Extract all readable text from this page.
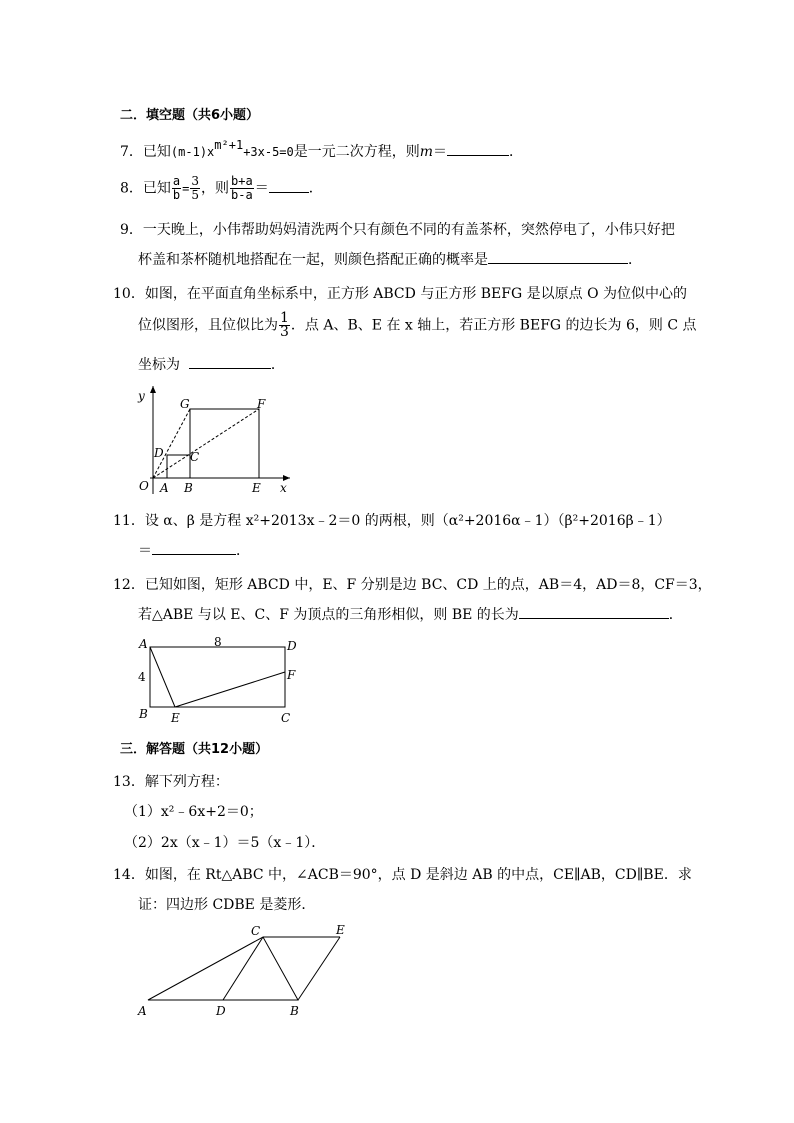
二．填空题（共6小题）
7．已知(m-1)xm²+1+3x-5=0是一元二次方程，则m＝	．
8．已知 $\frac{a}{b} = \frac{3}{5}$ ，则 $\frac{b+a}{b-a}$ ＝	．
9．一天晚上，小伟帮助妈妈清洗两个只有颜色不同的有盖茶杯，突然停电了，小伟只好把
杯盖和茶杯随机地搭配在一起，则颜色搭配正确的概率是	．
10．如图，在平面直角坐标系中，正方形 ABCD 与正方形 BEFG 是以原点 O 为位似中心的
位似图形，且位似比为 $\frac{1}{3}$ ．点 A、B、E 在 x 轴上，若正方形 BEFG 的边长为 6，则 C 点
坐标为	．
y
x
O A B	E
D C
G	F
11．设 α、β 是方程 x²+2013x﹣2＝0 的两根，则（α²+2016α﹣1）（β²+2016β﹣1）
＝	．
12．已知如图，矩形 ABCD 中，E、F 分别是边 BC、CD 上的点，AB＝4，AD＝8，CF＝3，
若△ABE 与以 E、C、F 为顶点的三角形相似，则 BE 的长为	．
A
B	C
D
E
F
8
4
三．解答题（共12小题）
13．解下列方程：
（1）x²﹣6x+2＝0；
（2）2x（x﹣1）＝5（x﹣1）．
14．如图，在 Rt△ABC 中，∠ACB＝90°，点 D 是斜边 AB 的中点，CE∥AB，CD∥BE．求
证：四边形 CDBE 是菱形．
A	D	B
C	E
